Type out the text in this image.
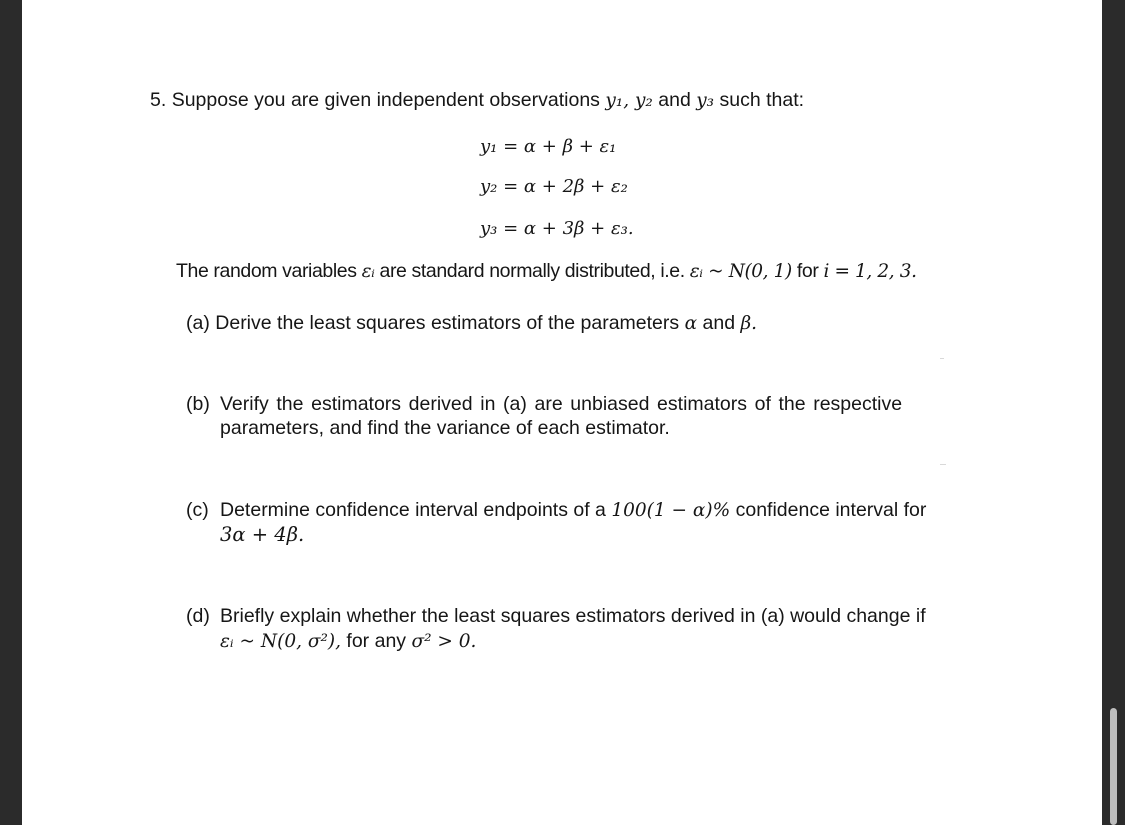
5. Suppose you are given independent observations y₁, y₂ and y₃ such that:
y₁ = α + β + ε₁
y₂ = α + 2β + ε₂
y₃ = α + 3β + ε₃.
The random variables εᵢ are standard normally distributed, i.e. εᵢ ~ N(0, 1) for i = 1, 2, 3.
(a) Derive the least squares estimators of the parameters α and β.
(b) Verify the estimators derived in (a) are unbiased estimators of the respective
parameters, and find the variance of each estimator.
(c) Determine confidence interval endpoints of a 100(1 − α)% confidence interval for
3α + 4β.
(d) Briefly explain whether the least squares estimators derived in (a) would change if
εᵢ ~ N(0, σ²), for any σ² > 0.
